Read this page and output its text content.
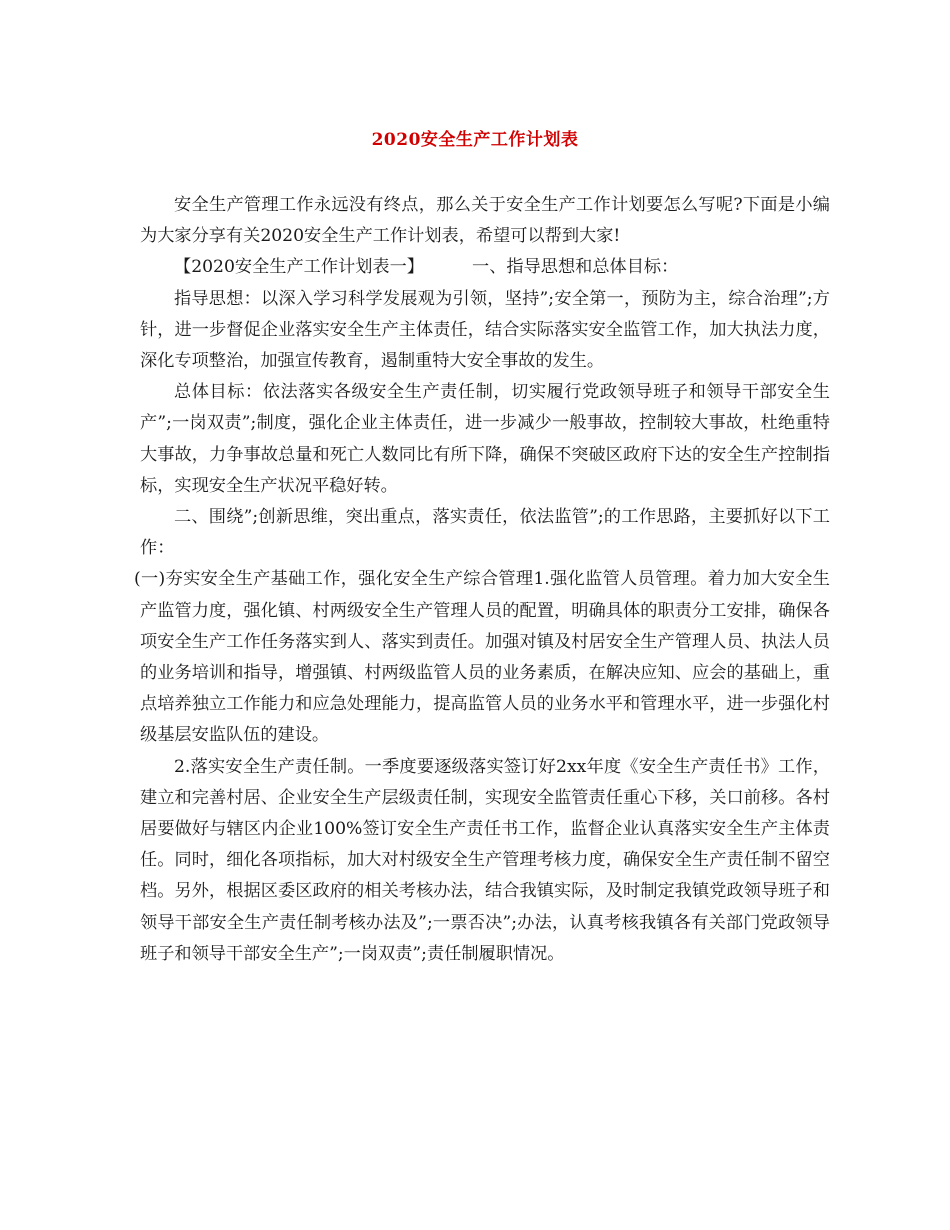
2020安全生产工作计划表

安全生产管理工作永远没有终点，那么关于安全生产工作计划要怎么写呢?下面是小编为大家分享有关2020安全生产工作计划表，希望可以帮到大家!

【2020安全生产工作计划表一】	一、指导思想和总体目标：

指导思想：以深入学习科学发展观为引领，坚持”;安全第一，预防为主，综合治理”;方针，进一步督促企业落实安全生产主体责任，结合实际落实安全监管工作，加大执法力度，深化专项整治，加强宣传教育，遏制重特大安全事故的发生。

总体目标：依法落实各级安全生产责任制，切实履行党政领导班子和领导干部安全生产”;一岗双责”;制度，强化企业主体责任，进一步减少一般事故，控制较大事故，杜绝重特大事故，力争事故总量和死亡人数同比有所下降，确保不突破区政府下达的安全生产控制指标，实现安全生产状况平稳好转。

二、围绕”;创新思维，突出重点，落实责任，依法监管”;的工作思路，主要抓好以下工作：

(一)夯实安全生产基础工作，强化安全生产综合管理1.强化监管人员管理。着力加大安全生产监管力度，强化镇、村两级安全生产管理人员的配置，明确具体的职责分工安排，确保各项安全生产工作任务落实到人、落实到责任。加强对镇及村居安全生产管理人员、执法人员的业务培训和指导，增强镇、村两级监管人员的业务素质，在解决应知、应会的基础上，重点培养独立工作能力和应急处理能力，提高监管人员的业务水平和管理水平，进一步强化村级基层安监队伍的建设。

2.落实安全生产责任制。一季度要逐级落实签订好2xx年度《安全生产责任书》工作，建立和完善村居、企业安全生产层级责任制，实现安全监管责任重心下移，关口前移。各村居要做好与辖区内企业100%签订安全生产责任书工作，监督企业认真落实安全生产主体责任。同时，细化各项指标，加大对村级安全生产管理考核力度，确保安全生产责任制不留空档。另外，根据区委区政府的相关考核办法，结合我镇实际，及时制定我镇党政领导班子和领导干部安全生产责任制考核办法及”;一票否决”;办法，认真考核我镇各有关部门党政领导班子和领导干部安全生产”;一岗双责”;责任制履职情况。
